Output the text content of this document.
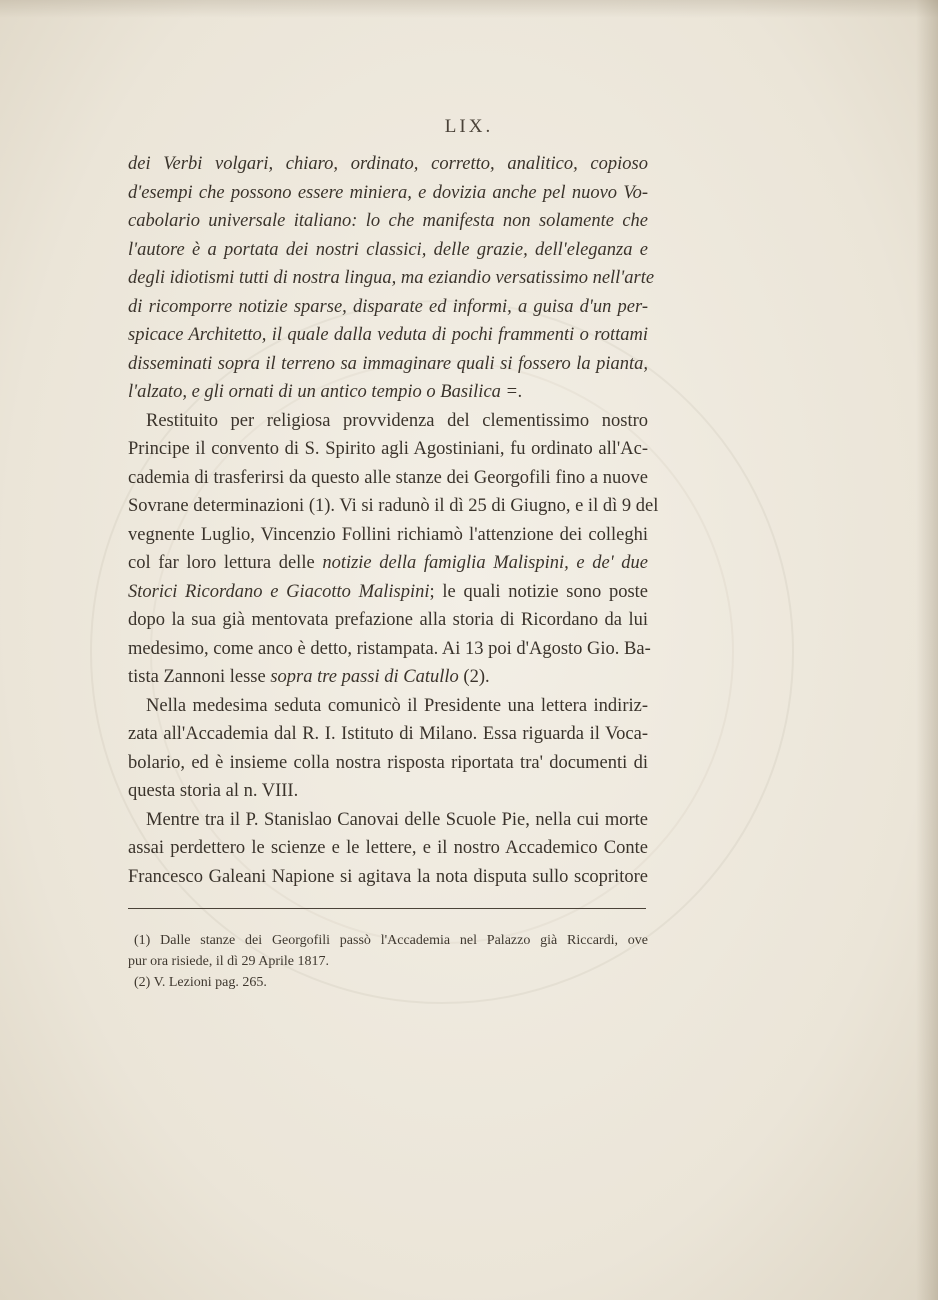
LIX.
dei Verbi volgari, chiaro, ordinato, corretto, analitico, copioso
d'esempi che possono essere miniera, e dovizia anche pel nuovo Vo-
cabolario universale italiano: lo che manifesta non solamente che
l'autore è a portata dei nostri classici, delle grazie, dell'eleganza e
degli idiotismi tutti di nostra lingua, ma eziandio versatissimo nell'arte
di ricomporre notizie sparse, disparate ed informi, a guisa d'un per-
spicace Architetto, il quale dalla veduta di pochi frammenti o rottami
disseminati sopra il terreno sa immaginare quali si fossero la pianta,
l'alzato, e gli ornati di un antico tempio o Basilica =.
Restituito per religiosa provvidenza del clementissimo nostro
Principe il convento di S. Spirito agli Agostiniani, fu ordinato all'Ac-
cademia di trasferirsi da questo alle stanze dei Georgofili fino a nuove
Sovrane determinazioni (1). Vi si radunò il dì 25 di Giugno, e il dì 9 del
vegnente Luglio, Vincenzio Follini richiamò l'attenzione dei colleghi
col far loro lettura delle notizie della famiglia Malispini, e de' due
Storici Ricordano e Giacotto Malispini; le quali notizie sono poste
dopo la sua già mentovata prefazione alla storia di Ricordano da lui
medesimo, come anco è detto, ristampata. Ai 13 poi d'Agosto Gio. Ba-
tista Zannoni lesse sopra tre passi di Catullo (2).
Nella medesima seduta comunicò il Presidente una lettera indiriz-
zata all'Accademia dal R. I. Istituto di Milano. Essa riguarda il Voca-
bolario, ed è insieme colla nostra risposta riportata tra' documenti di
questa storia al n. VIII.
Mentre tra il P. Stanislao Canovai delle Scuole Pie, nella cui morte
assai perdettero le scienze e le lettere, e il nostro Accademico Conte
Francesco Galeani Napione si agitava la nota disputa sullo scopritore
(1) Dalle stanze dei Georgofili passò l'Accademia nel Palazzo già Riccardi, ove
pur ora risiede, il dì 29 Aprile 1817.
(2) V. Lezioni pag. 265.
